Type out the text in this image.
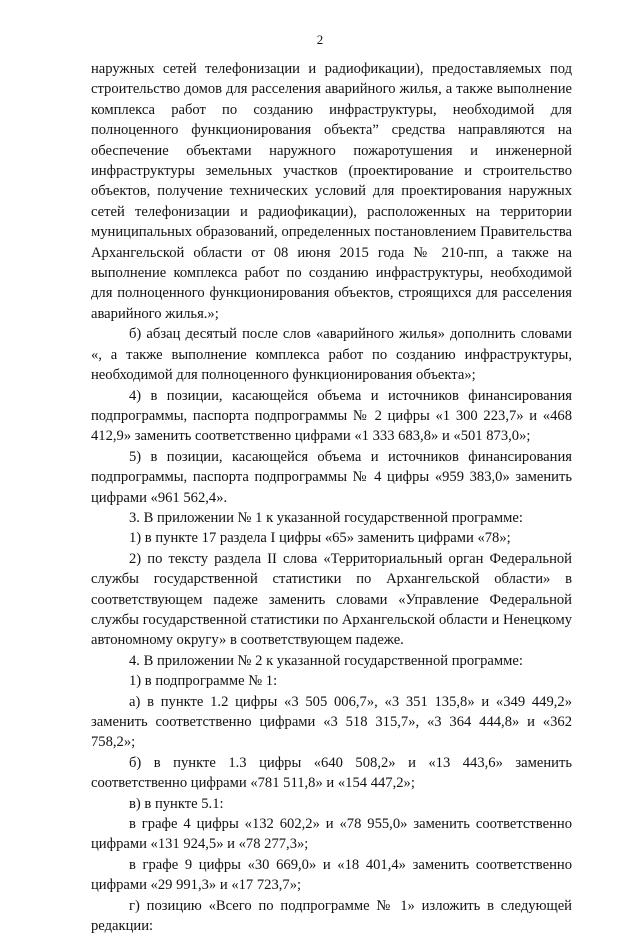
2

наружных сетей телефонизации и радиофикации), предоставляемых под строительство домов для расселения аварийного жилья, а также выполнение комплекса работ по созданию инфраструктуры, необходимой для полноценного функционирования объекта” средства направляются на обеспечение объектами наружного пожаротушения и инженерной инфраструктуры земельных участков (проектирование и строительство объектов, получение технических условий для проектирования наружных сетей телефонизации и радиофикации), расположенных на территории муниципальных образований, определенных постановлением Правительства Архангельской области от 08 июня 2015 года № 210-пп, а также на выполнение комплекса работ по созданию инфраструктуры, необходимой для полноценного функционирования объектов, строящихся для расселения аварийного жилья.»;

б) абзац десятый после слов «аварийного жилья» дополнить словами «, а также выполнение комплекса работ по созданию инфраструктуры, необходимой для полноценного функционирования объекта»;

4) в позиции, касающейся объема и источников финансирования подпрограммы, паспорта подпрограммы № 2 цифры «1 300 223,7» и «468 412,9» заменить соответственно цифрами «1 333 683,8» и «501 873,0»;

5) в позиции, касающейся объема и источников финансирования подпрограммы, паспорта подпрограммы № 4 цифры «959 383,0» заменить цифрами «961 562,4».

3. В приложении № 1 к указанной государственной программе:

1) в пункте 17 раздела I цифры «65» заменить цифрами «78»;

2) по тексту раздела II слова «Территориальный орган Федеральной службы государственной статистики по Архангельской области» в соответствующем падеже заменить словами «Управление Федеральной службы государственной статистики по Архангельской области и Ненецкому автономному округу» в соответствующем падеже.

4. В приложении № 2 к указанной государственной программе:

1) в подпрограмме № 1:

а) в пункте 1.2 цифры «3 505 006,7», «3 351 135,8» и «349 449,2» заменить соответственно цифрами «3 518 315,7», «3 364 444,8» и «362 758,2»;

б) в пункте 1.3 цифры «640 508,2» и «13 443,6» заменить соответственно цифрами «781 511,8» и «154 447,2»;

в) в пункте 5.1:

в графе 4 цифры «132 602,2» и «78 955,0» заменить соответственно цифрами «131 924,5» и «78 277,3»;

в графе 9 цифры «30 669,0» и «18 401,4» заменить соответственно цифрами «29 991,3» и «17 723,7»;

г) позицию «Всего по подпрограмме № 1» изложить в следующей редакции:
